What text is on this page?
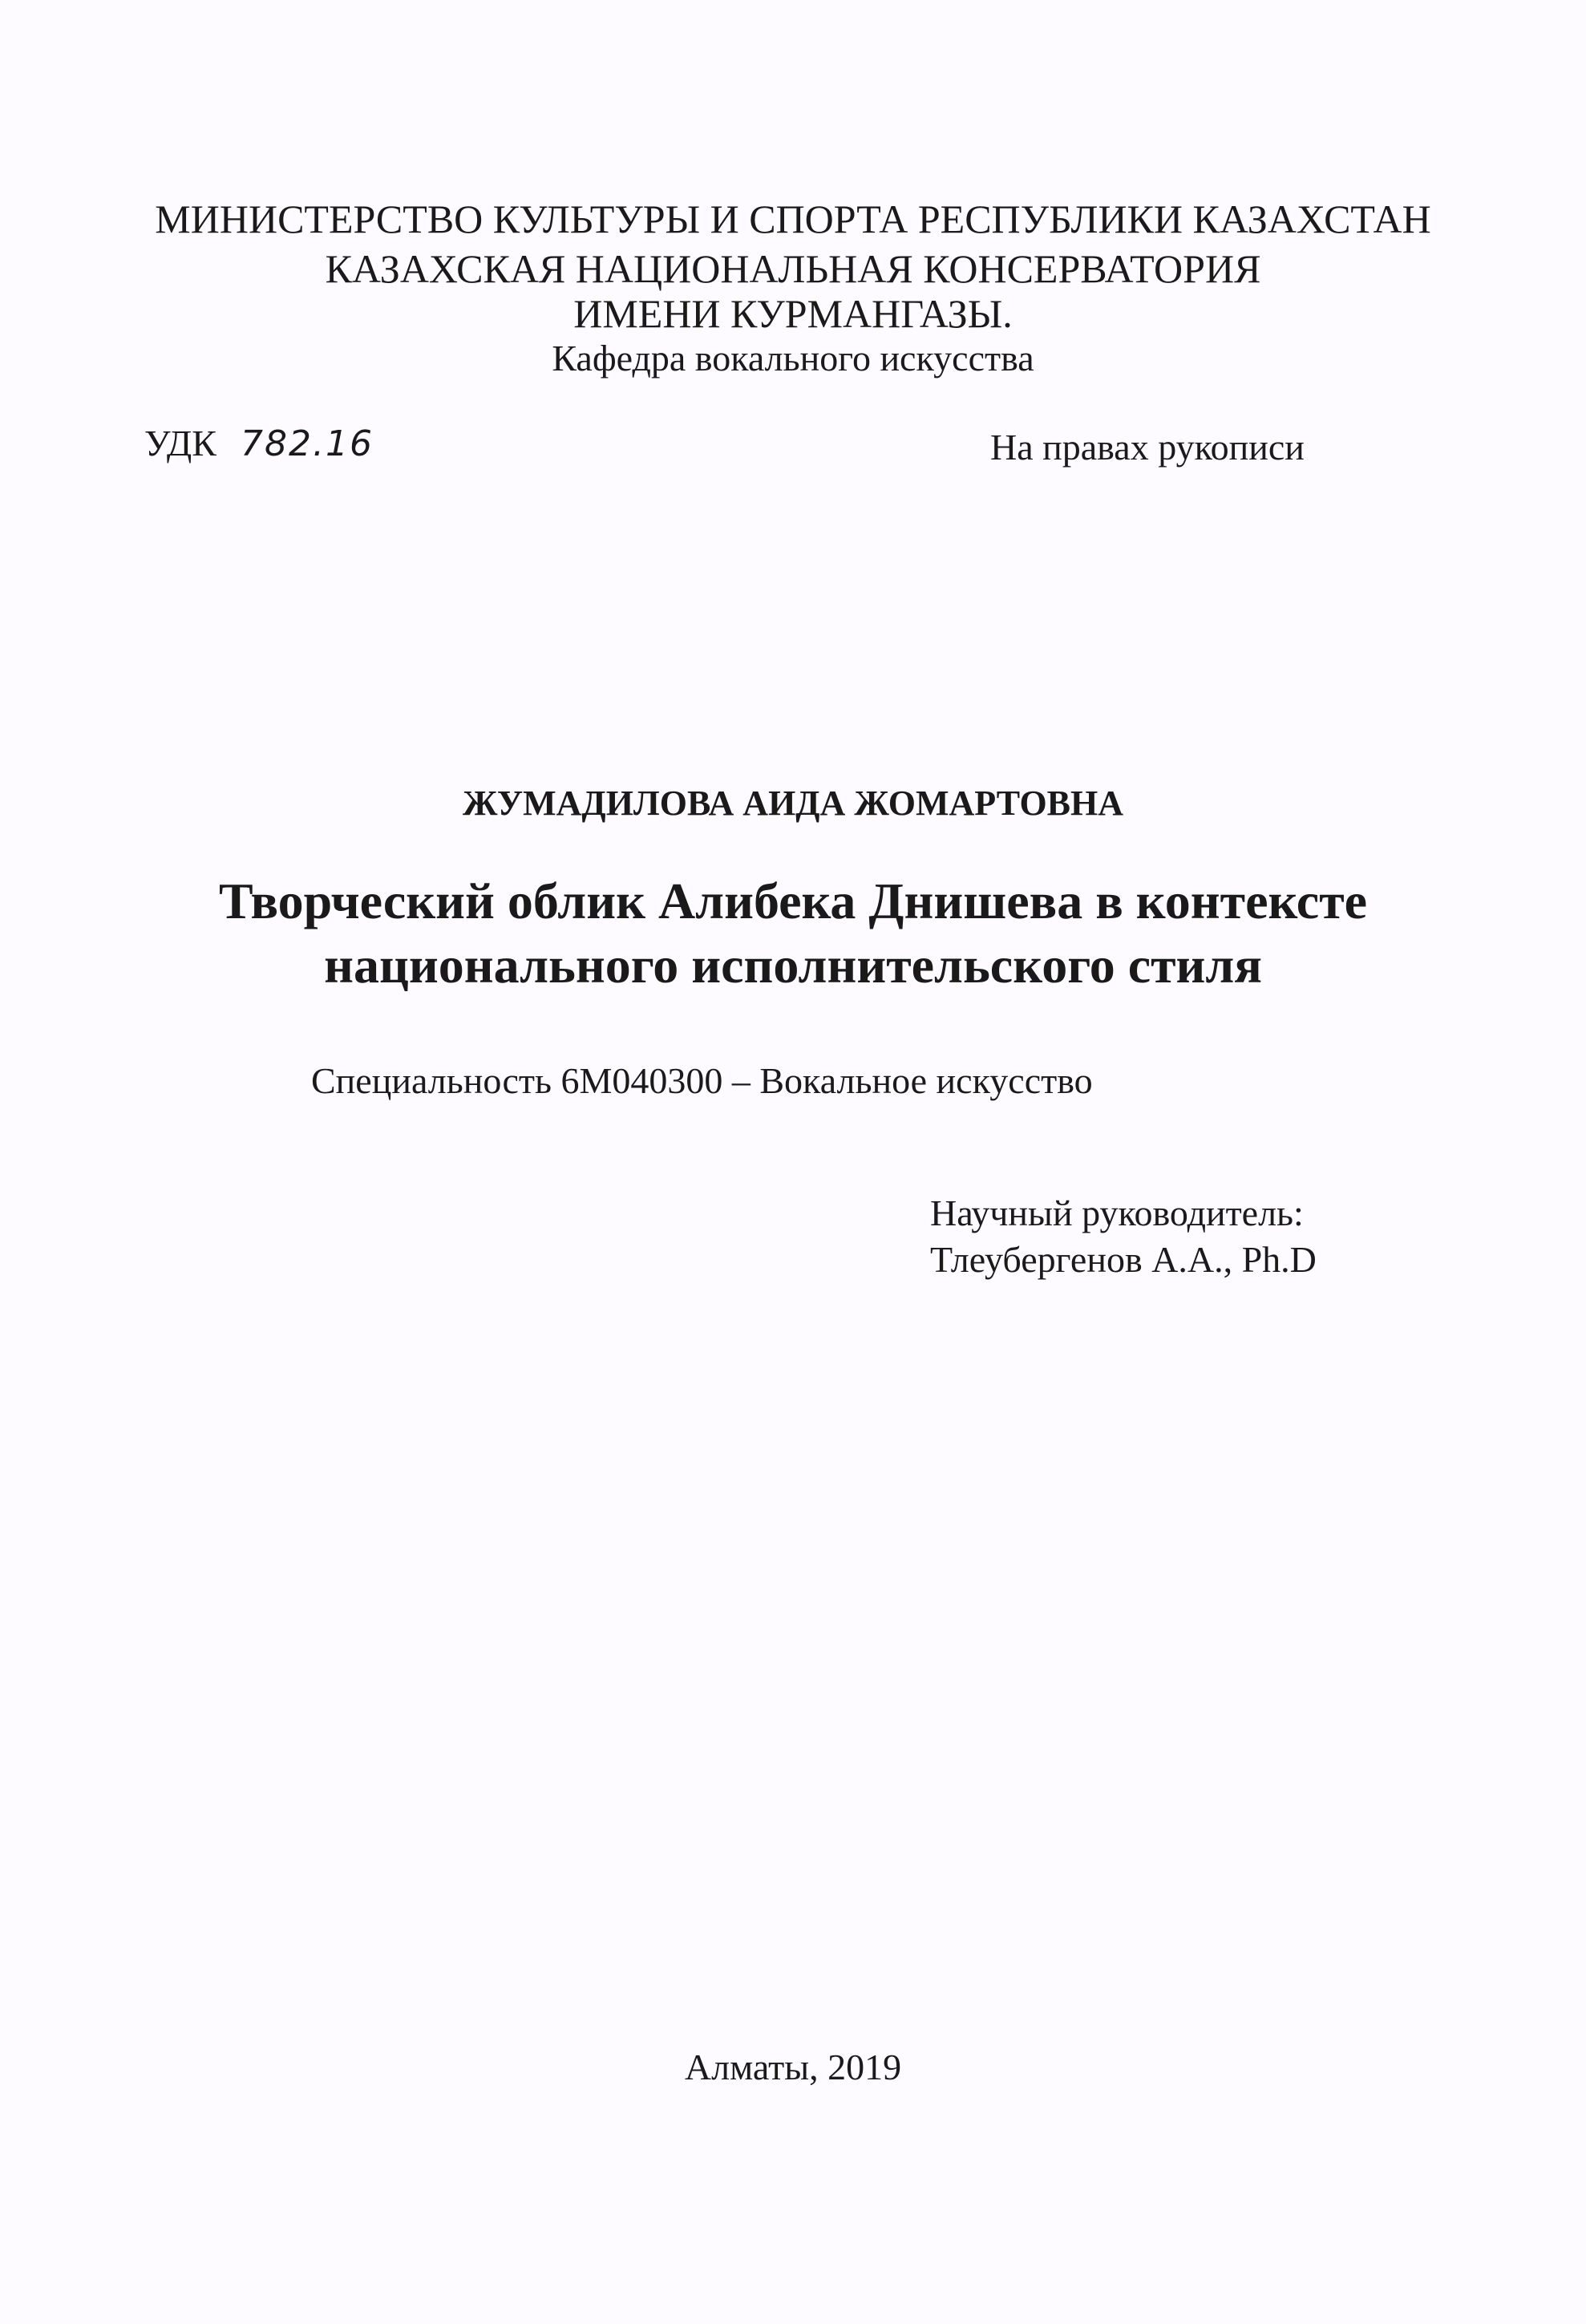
МИНИСТЕРСТВО КУЛЬТУРЫ И СПОРТА РЕСПУБЛИКИ КАЗАХСТАН
КАЗАХСКАЯ НАЦИОНАЛЬНАЯ КОНСЕРВАТОРИЯ
ИМЕНИ КУРМАНГАЗЫ.
Кафедра вокального искусства
УДК 782.16	На правах рукописи
ЖУМАДИЛОВА АИДА ЖОМАРТОВНА
Творческий облик Алибека Днишева в контексте
национального исполнительского стиля
Специальность 6М040300 – Вокальное искусство
Научный руководитель:
Тлеубергенов А.А., Ph.D
Алматы, 2019
